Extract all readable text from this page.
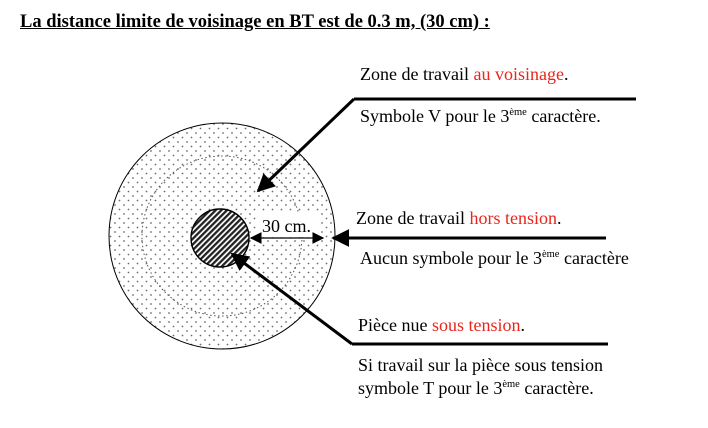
La distance limite de voisinage en BT est de 0.3 m, (30 cm) :
30 cm.
Zone de travail au voisinage.
Symbole V pour le 3ème caractère.
Zone de travail hors tension.
Aucun symbole pour le 3ème caractère
Pièce nue sous tension.
Si travail sur la pièce sous tension
symbole T pour le 3ème caractère.
